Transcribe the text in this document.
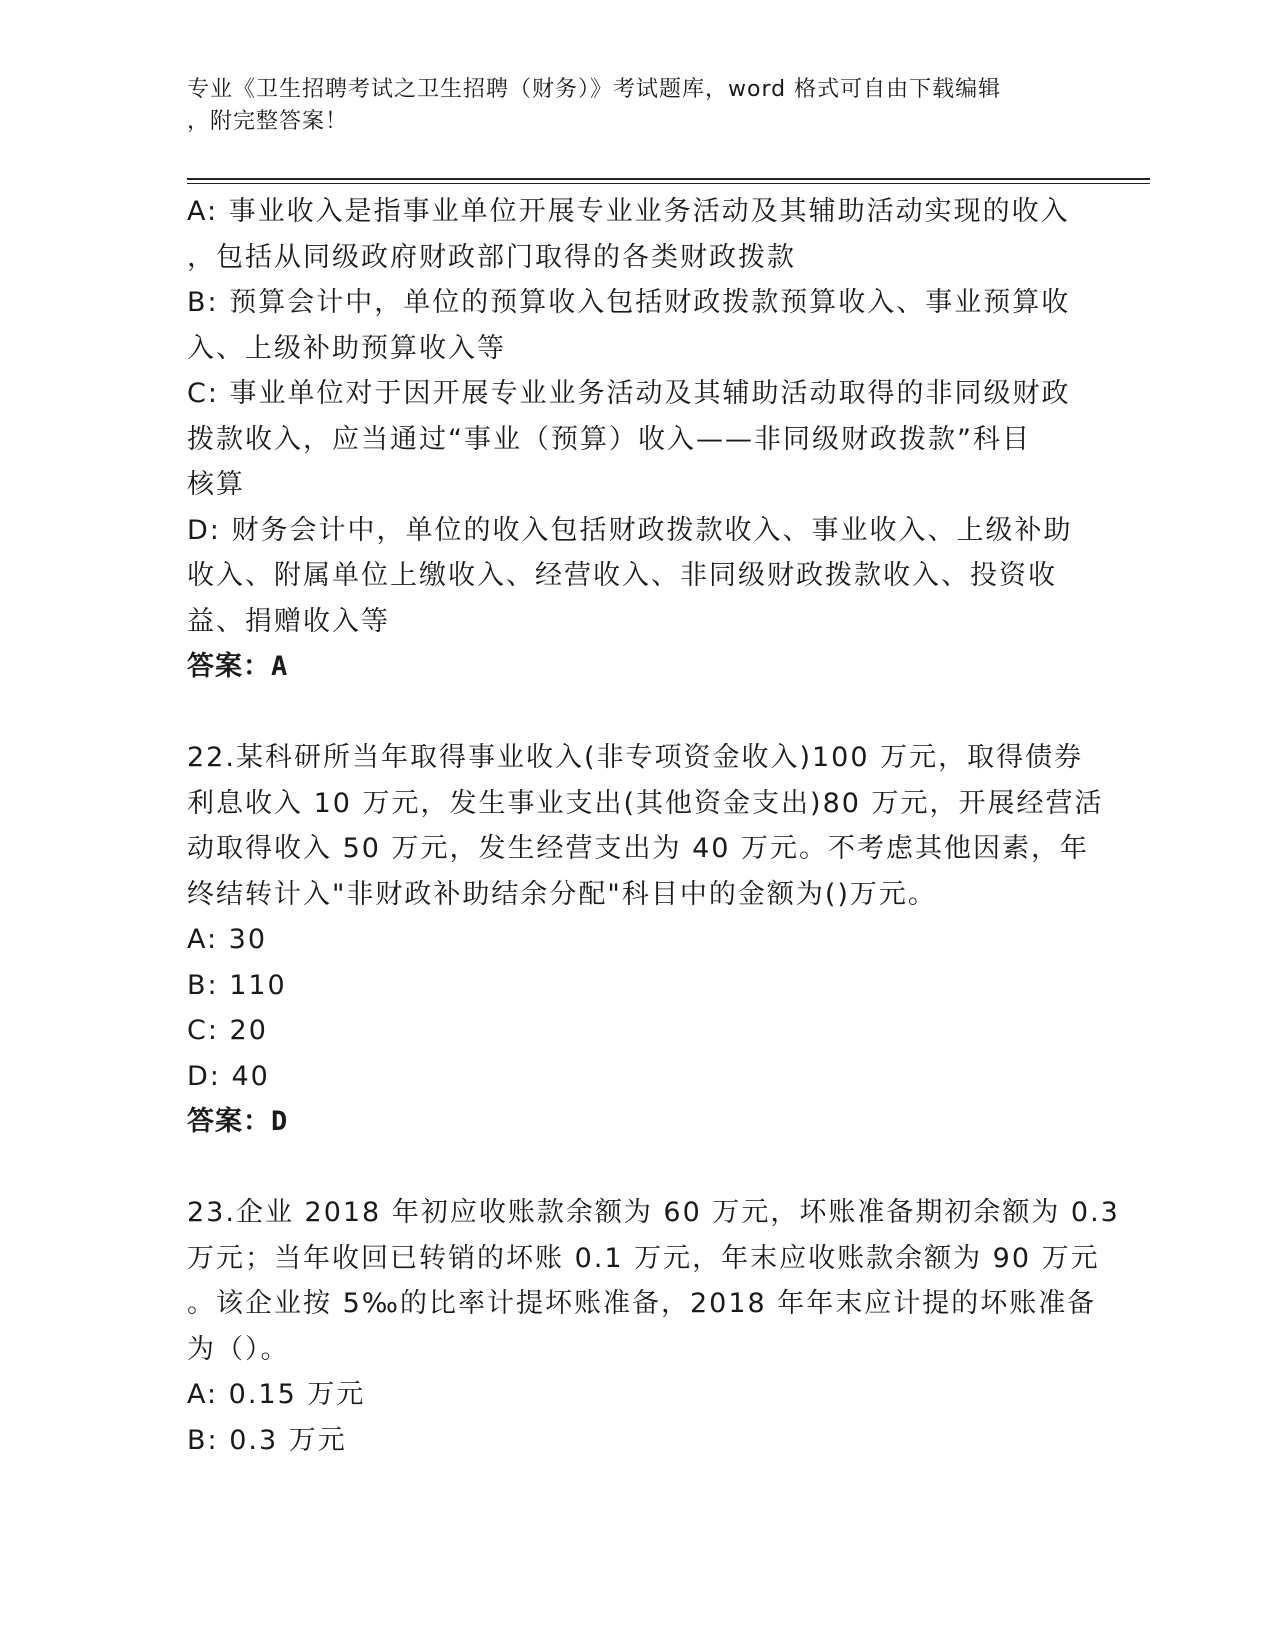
专业《卫生招聘考试之卫生招聘（财务）》考试题库，word 格式可自由下载编辑
，附完整答案！
A: 事业收入是指事业单位开展专业业务活动及其辅助活动实现的收入
，包括从同级政府财政部门取得的各类财政拨款
B: 预算会计中，单位的预算收入包括财政拨款预算收入、事业预算收
入、上级补助预算收入等
C: 事业单位对于因开展专业业务活动及其辅助活动取得的非同级财政
拨款收入，应当通过“事业（预算）收入——非同级财政拨款”科目
核算
D: 财务会计中，单位的收入包括财政拨款收入、事业收入、上级补助
收入、附属单位上缴收入、经营收入、非同级财政拨款收入、投资收
益、捐赠收入等
答案：A
22.某科研所当年取得事业收入(非专项资金收入)100 万元，取得债券
利息收入 10 万元，发生事业支出(其他资金支出)80 万元，开展经营活
动取得收入 50 万元，发生经营支出为 40 万元。不考虑其他因素，年
终结转计入"非财政补助结余分配"科目中的金额为()万元。
A: 30
B: 110
C: 20
D: 40
答案：D
23.企业 2018 年初应收账款余额为 60 万元，坏账准备期初余额为 0.3
万元；当年收回已转销的坏账 0.1 万元，年末应收账款余额为 90 万元
。该企业按 5‰的比率计提坏账准备，2018 年年末应计提的坏账准备
为（）。
A: 0.15 万元
B: 0.3 万元
